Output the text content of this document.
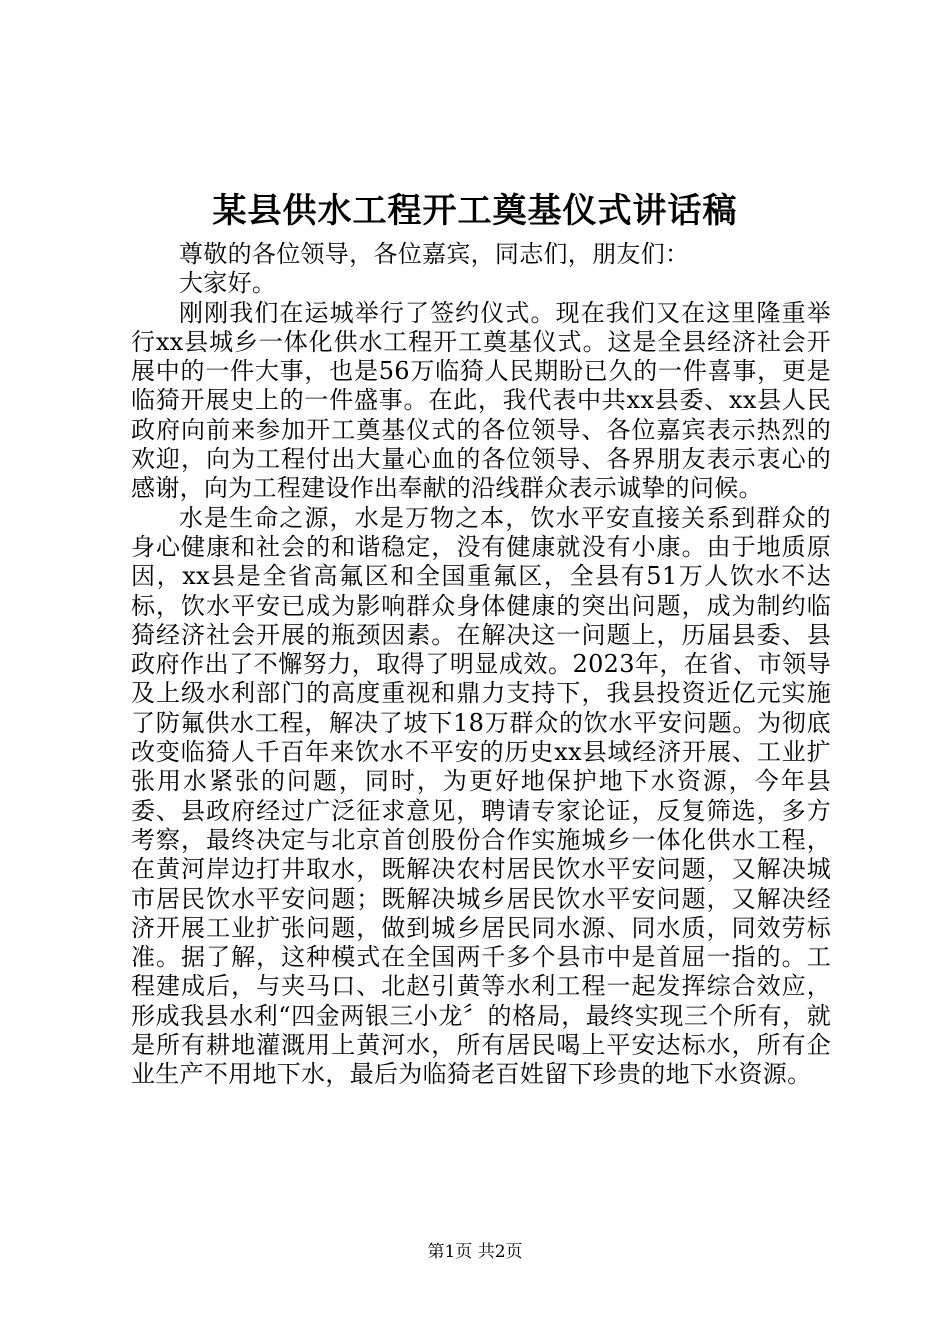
某县供水工程开工奠基仪式讲话稿

尊敬的各位领导，各位嘉宾，同志们，朋友们：

大家好。

刚刚我们在运城举行了签约仪式。现在我们又在这里隆重举行xx县城乡一体化供水工程开工奠基仪式。这是全县经济社会开展中的一件大事，也是56万临猗人民期盼已久的一件喜事，更是临猗开展史上的一件盛事。在此，我代表中共xx县委、xx县人民政府向前来参加开工奠基仪式的各位领导、各位嘉宾表示热烈的欢迎，向为工程付出大量心血的各位领导、各界朋友表示衷心的感谢，向为工程建设作出奉献的沿线群众表示诚挚的问候。

水是生命之源，水是万物之本，饮水平安直接关系到群众的身心健康和社会的和谐稳定，没有健康就没有小康。由于地质原因，xx县是全省高氟区和全国重氟区，全县有51万人饮水不达标，饮水平安已成为影响群众身体健康的突出问题，成为制约临猗经济社会开展的瓶颈因素。在解决这一问题上，历届县委、县政府作出了不懈努力，取得了明显成效。2023年，在省、市领导及上级水利部门的高度重视和鼎力支持下，我县投资近亿元实施了防氟供水工程，解决了坡下18万群众的饮水平安问题。为彻底改变临猗人千百年来饮水不平安的历史xx县域经济开展、工业扩张用水紧张的问题，同时，为更好地保护地下水资源，今年县委、县政府经过广泛征求意见，聘请专家论证，反复筛选，多方考察，最终决定与北京首创股份合作实施城乡一体化供水工程，在黄河岸边打井取水，既解决农村居民饮水平安问题，又解决城市居民饮水平安问题；既解决城乡居民饮水平安问题，又解决经济开展工业扩张问题，做到城乡居民同水源、同水质，同效劳标准。据了解，这种模式在全国两千多个县市中是首屈一指的。工程建成后，与夹马口、北赵引黄等水利工程一起发挥综合效应，形成我县水利“四金两银三小龙〞的格局，最终实现三个所有，就是所有耕地灌溉用上黄河水，所有居民喝上平安达标水，所有企业生产不用地下水，最后为临猗老百姓留下珍贵的地下水资源。

第1页 共2页
